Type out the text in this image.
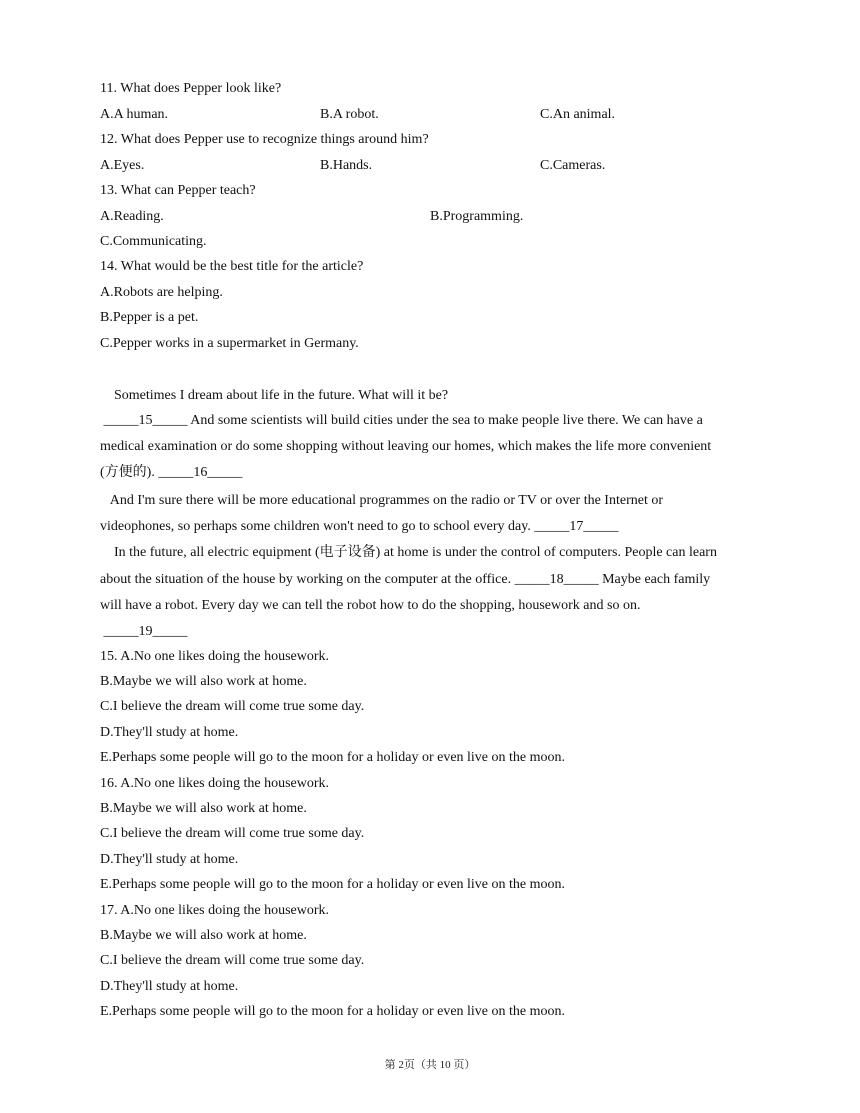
11. What does Pepper look like?
A.A human.	B.A robot.	C.An animal.
12. What does Pepper use to recognize things around him?
A.Eyes.	B.Hands.	C.Cameras.
13. What can Pepper teach?
A.Reading.	B.Programming.
C.Communicating.
14. What would be the best title for the article?
A.Robots are helping.
B.Pepper is a pet.
C.Pepper works in a supermarket in Germany.
Sometimes I dream about life in the future. What will it be?
_____15_____ And some scientists will build cities under the sea to make people live there. We can have a
medical examination or do some shopping without leaving our homes, which makes the life more convenient
(方便的). _____16_____
And I'm sure there will be more educational programmes on the radio or TV or over the Internet or
videophones, so perhaps some children won't need to go to school every day. _____17_____
In the future, all electric equipment (电子设备) at home is under the control of computers. People can learn
about the situation of the house by working on the computer at the office. _____18_____ Maybe each family
will have a robot. Every day we can tell the robot how to do the shopping, housework and so on.
_____19_____
15. A.No one likes doing the housework.
B.Maybe we will also work at home.
C.I believe the dream will come true some day.
D.They'll study at home.
E.Perhaps some people will go to the moon for a holiday or even live on the moon.
16. A.No one likes doing the housework.
B.Maybe we will also work at home.
C.I believe the dream will come true some day.
D.They'll study at home.
E.Perhaps some people will go to the moon for a holiday or even live on the moon.
17. A.No one likes doing the housework.
B.Maybe we will also work at home.
C.I believe the dream will come true some day.
D.They'll study at home.
E.Perhaps some people will go to the moon for a holiday or even live on the moon.
第 2页（共 10 页）
